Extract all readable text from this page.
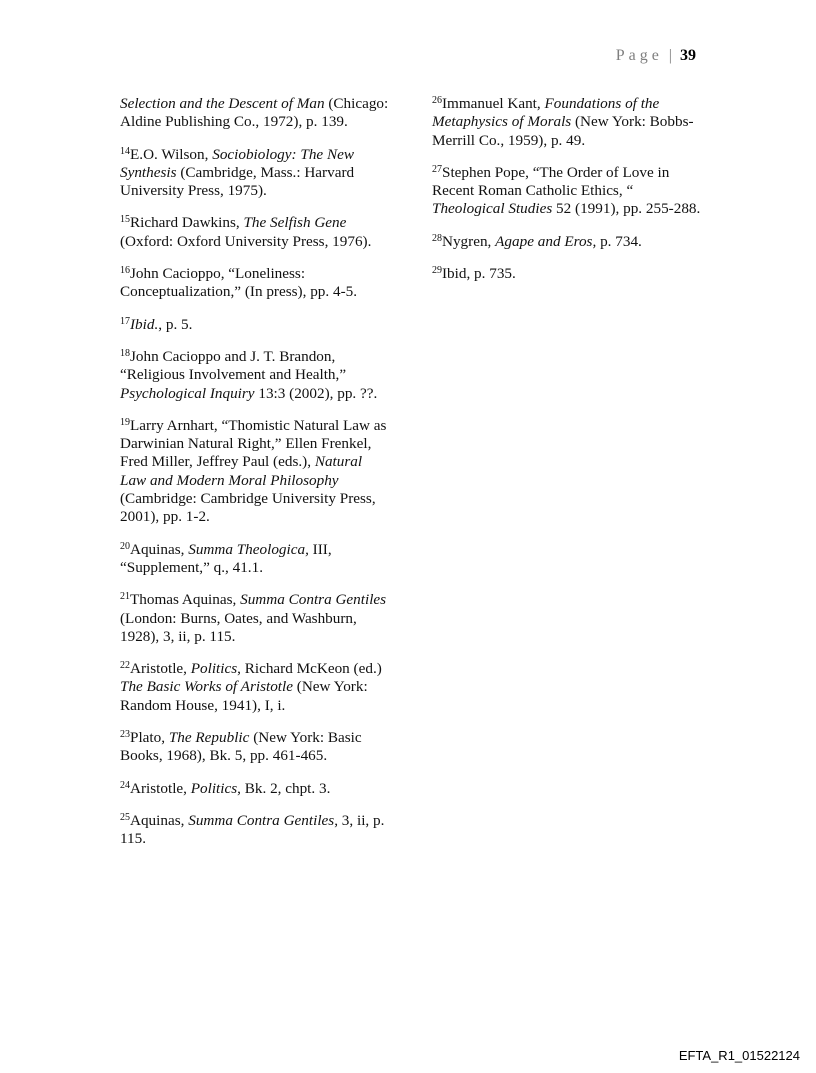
Page | 39

Selection and the Descent of Man (Chicago: Aldine Publishing Co., 1972), p. 139.

$^{14}$E.O. Wilson, Sociobiology: The New Synthesis (Cambridge, Mass.: Harvard University Press, 1975).

$^{15}$Richard Dawkins, The Selfish Gene (Oxford: Oxford University Press, 1976).

$^{16}$John Cacioppo, “Loneliness: Conceptualization,” (In press), pp. 4-5.

$^{17}$Ibid., p. 5.

$^{18}$John Cacioppo and J. T. Brandon, “Religious Involvement and Health,” Psychological Inquiry 13:3 (2002), pp. ??.

$^{19}$Larry Arnhart, “Thomistic Natural Law as Darwinian Natural Right,” Ellen Frenkel, Fred Miller, Jeffrey Paul (eds.), Natural Law and Modern Moral Philosophy (Cambridge: Cambridge University Press, 2001), pp. 1-2.

$^{20}$Aquinas, Summa Theologica, III, “Supplement,” q., 41.1.

$^{21}$Thomas Aquinas, Summa Contra Gentiles (London: Burns, Oates, and Washburn, 1928), 3, ii, p. 115.

$^{22}$Aristotle, Politics, Richard McKeon (ed.) The Basic Works of Aristotle (New York: Random House, 1941), I, i.

$^{23}$Plato, The Republic (New York: Basic Books, 1968), Bk. 5, pp. 461-465.

$^{24}$Aristotle, Politics, Bk. 2, chpt. 3.

$^{25}$Aquinas, Summa Contra Gentiles, 3, ii, p. 115.

$^{26}$Immanuel Kant, Foundations of the Metaphysics of Morals (New York: Bobbs-Merrill Co., 1959), p. 49.

$^{27}$Stephen Pope, “The Order of Love in Recent Roman Catholic Ethics, “ Theological Studies 52 (1991), pp. 255-288.

$^{28}$Nygren, Agape and Eros, p. 734.

$^{29}$Ibid, p. 735.

EFTA_R1_01522124
